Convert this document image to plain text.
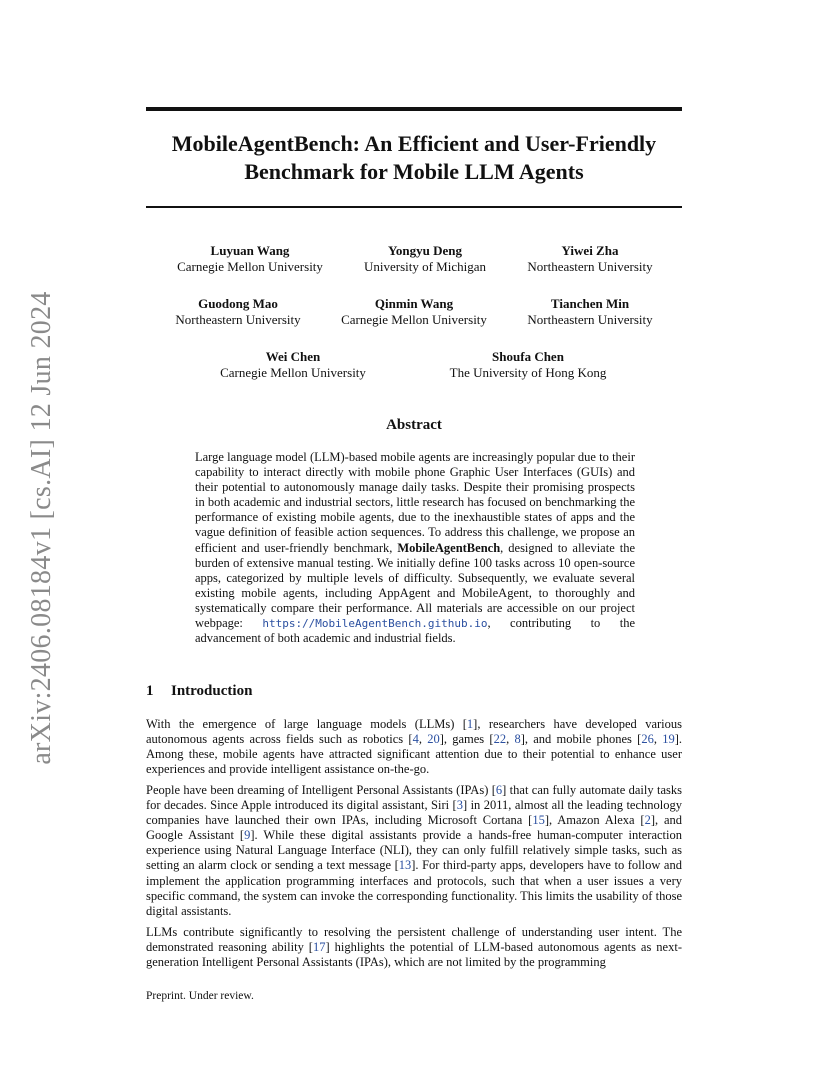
arXiv:2406.08184v1 [cs.AI] 12 Jun 2024
MobileAgentBench: An Efficient and User-Friendly Benchmark for Mobile LLM Agents
Luyuan Wang
Carnegie Mellon University
Yongyu Deng
University of Michigan
Yiwei Zha
Northeastern University
Guodong Mao
Northeastern University
Qinmin Wang
Carnegie Mellon University
Tianchen Min
Northeastern University
Wei Chen
Carnegie Mellon University
Shoufa Chen
The University of Hong Kong
Abstract

Large language model (LLM)-based mobile agents are increasingly popular due to their capability to interact directly with mobile phone Graphic User Interfaces (GUIs) and their potential to autonomously manage daily tasks. Despite their promising prospects in both academic and industrial sectors, little research has focused on benchmarking the performance of existing mobile agents, due to the inexhaustible states of apps and the vague definition of feasible action sequences. To address this challenge, we propose an efficient and user-friendly benchmark, MobileAgentBench, designed to alleviate the burden of extensive manual testing. We initially define 100 tasks across 10 open-source apps, categorized by multiple levels of difficulty. Subsequently, we evaluate several existing mobile agents, including AppAgent and MobileAgent, to thoroughly and systematically compare their performance. All materials are accessible on our project webpage: https://MobileAgentBench.github.io, contributing to the advancement of both academic and industrial fields.

1 Introduction

With the emergence of large language models (LLMs) [1], researchers have developed various autonomous agents across fields such as robotics [4, 20], games [22, 8], and mobile phones [26, 19]. Among these, mobile agents have attracted significant attention due to their potential to enhance user experiences and provide intelligent assistance on-the-go.

People have been dreaming of Intelligent Personal Assistants (IPAs) [6] that can fully automate daily tasks for decades. Since Apple introduced its digital assistant, Siri [3] in 2011, almost all the leading technology companies have launched their own IPAs, including Microsoft Cortana [15], Amazon Alexa [2], and Google Assistant [9]. While these digital assistants provide a hands-free human-computer interaction experience using Natural Language Interface (NLI), they can only fulfill relatively simple tasks, such as setting an alarm clock or sending a text message [13]. For third-party apps, developers have to follow and implement the application programming interfaces and protocols, such that when a user issues a very specific command, the system can invoke the corresponding functionality. This limits the usability of those digital assistants.

LLMs contribute significantly to resolving the persistent challenge of understanding user intent. The demonstrated reasoning ability [17] highlights the potential of LLM-based autonomous agents as next-generation Intelligent Personal Assistants (IPAs), which are not limited by the programming

Preprint. Under review.
